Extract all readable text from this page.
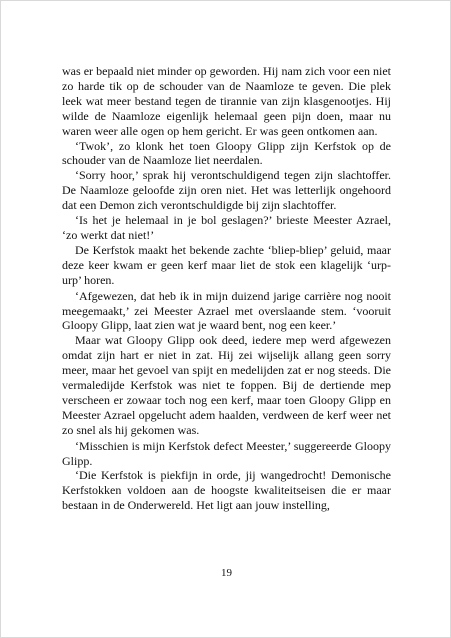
was er bepaald niet minder op geworden. Hij nam zich voor een niet zo harde tik op de schouder van de Naamloze te geven. Die plek leek wat meer bestand tegen de tirannie van zijn klasgenootjes. Hij wilde de Naamloze eigenlijk helemaal geen pijn doen, maar nu waren weer alle ogen op hem gericht. Er was geen ontkomen aan.

‘Twok’, zo klonk het toen Gloopy Glipp zijn Kerfstok op de schouder van de Naamloze liet neerdalen.

‘Sorry hoor,’ sprak hij verontschuldigend tegen zijn slachtoffer. De Naamloze geloofde zijn oren niet. Het was letterlijk ongehoord dat een Demon zich verontschuldigde bij zijn slachtoffer.

‘Is het je helemaal in je bol geslagen?’ brieste Meester Azrael, ‘zo werkt dat niet!’

De Kerfstok maakt het bekende zachte ‘bliep-bliep’ geluid, maar deze keer kwam er geen kerf maar liet de stok een klagelijk ‘urp-urp’ horen.

‘Afgewezen, dat heb ik in mijn duizend jarige carrière nog nooit meegemaakt,’ zei Meester Azrael met overslaande stem. ‘vooruit Gloopy Glipp, laat zien wat je waard bent, nog een keer.’

Maar wat Gloopy Glipp ook deed, iedere mep werd afgewezen omdat zijn hart er niet in zat. Hij zei wijselijk allang geen sorry meer, maar het gevoel van spijt en medelijden zat er nog steeds. Die vermaledijde Kerfstok was niet te foppen. Bij de dertiende mep verscheen er zowaar toch nog een kerf, maar toen Gloopy Glipp en Meester Azrael opgelucht adem haalden, verdween de kerf weer net zo snel als hij gekomen was.

‘Misschien is mijn Kerfstok defect Meester,’ suggereerde Gloopy Glipp.

‘Die Kerfstok is piekfijn in orde, jij wangedrocht! Demonische Kerfstokken voldoen aan de hoogste kwaliteitseisen die er maar bestaan in de Onderwereld. Het ligt aan jouw instelling,

19
